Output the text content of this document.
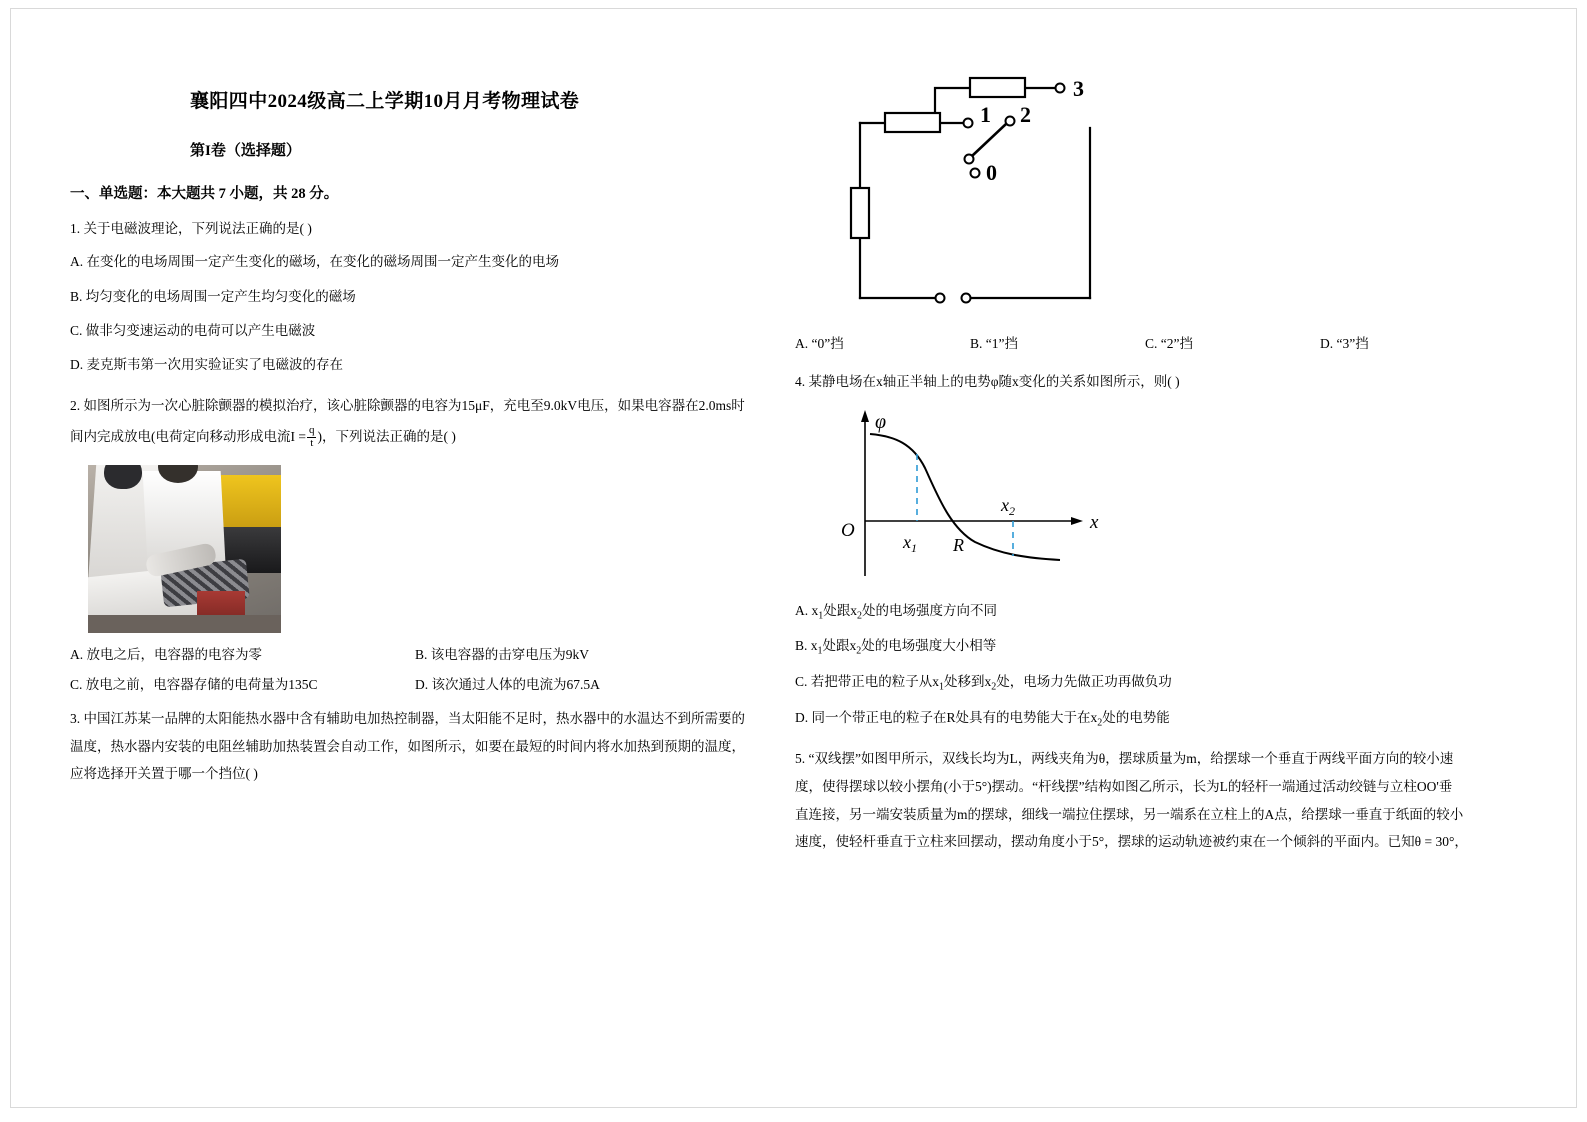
襄阳四中2024级高二上学期10月月考物理试卷
第I卷（选择题）
一、单选题：本大题共 7 小题，共 28 分。
1. 关于电磁波理论，下列说法正确的是( )
A. 在变化的电场周围一定产生变化的磁场，在变化的磁场周围一定产生变化的电场
B. 均匀变化的电场周围一定产生均匀变化的磁场
C. 做非匀变速运动的电荷可以产生电磁波
D. 麦克斯韦第一次用实验证实了电磁波的存在
2. 如图所示为一次心脏除颤器的模拟治疗，该心脏除颤器的电容为15μF，充电至9.0kV电压，如果电容器在2.0ms时
间内完成放电(电荷定向移动形成电流$I = \frac{q}{t}$ )，下列说法正确的是( )
A. 放电之后，电容器的电容为零	B. 该电容器的击穿电压为9kV
C. 放电之前，电容器存储的电荷量为135C	D. 该次通过人体的电流为67.5A
3. 中国江苏某一品牌的太阳能热水器中含有辅助电加热控制器，当太阳能不足时，热水器中的水温达不到所需要的
温度，热水器内安装的电阻丝辅助加热装置会自动工作，如图所示，如要在最短的时间内将水加热到预期的温度，
应将选择开关置于哪一个挡位( )
3
2
1
0
A. “0”挡	B. “1”挡	C. “2”挡	D. “3”挡
4. 某静电场在x轴正半轴上的电势φ随x变化的关系如图所示，则( )
φ
O	x
$x_1$ R
$x_2$
A. $x_1$处跟$x_2$处的电场强度方向不同
B. $x_1$处跟$x_2$处的电场强度大小相等
C. 若把带正电的粒子从$x_1$处移到$x_2$处，电场力先做正功再做负功
D. 同一个带正电的粒子在R处具有的电势能大于在$x_2$处的电势能
5. “双线摆”如图甲所示，双线长均为L，两线夹角为θ，摆球质量为m，给摆球一个垂直于两线平面方向的较小速
度，使得摆球以较小摆角(小于5°)摆动。“杆线摆”结构如图乙所示，长为L的轻杆一端通过活动绞链与立柱OO'垂
直连接，另一端安装质量为m的摆球，细线一端拉住摆球，另一端系在立柱上的A点，给摆球一垂直于纸面的较小
速度，使轻杆垂直于立柱来回摆动，摆动角度小于5°，摆球的运动轨迹被约束在一个倾斜的平面内。已知θ = 30°，
